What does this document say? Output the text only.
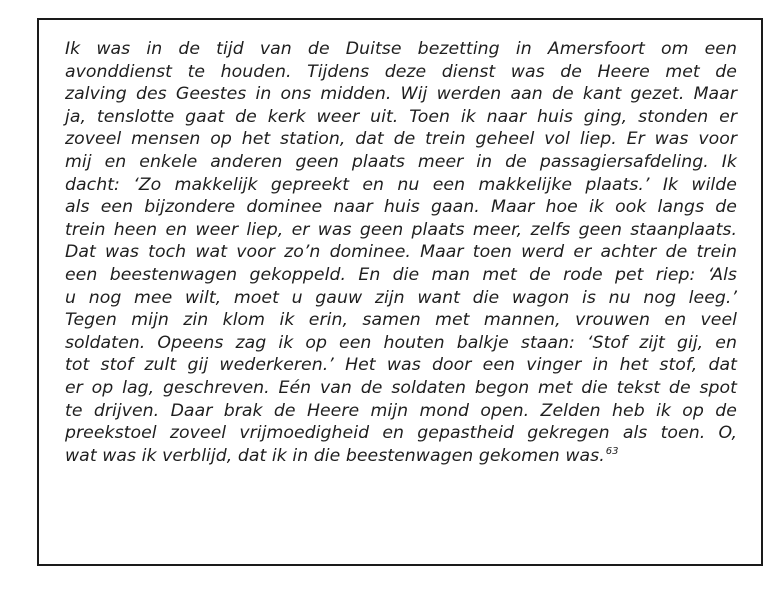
Ik was in de tijd van de Duitse bezetting in Amersfoort om een
avonddienst te houden. Tijdens deze dienst was de Heere met de
zalving des Geestes in ons midden. Wij werden aan de kant gezet. Maar
ja, tenslotte gaat de kerk weer uit. Toen ik naar huis ging, stonden er
zoveel mensen op het station, dat de trein geheel vol liep. Er was voor
mij en enkele anderen geen plaats meer in de passagiersafdeling. Ik
dacht: ‘Zo makkelijk gepreekt en nu een makkelijke plaats.’ Ik wilde
als een bijzondere dominee naar huis gaan. Maar hoe ik ook langs de
trein heen en weer liep, er was geen plaats meer, zelfs geen staanplaats.
Dat was toch wat voor zo’n dominee. Maar toen werd er achter de trein
een beestenwagen gekoppeld. En die man met de rode pet riep: ‘Als
u nog mee wilt, moet u gauw zijn want die wagon is nu nog leeg.’
Tegen mijn zin klom ik erin, samen met mannen, vrouwen en veel
soldaten. Opeens zag ik op een houten balkje staan: ‘Stof zijt gij, en
tot stof zult gij wederkeren.’ Het was door een vinger in het stof, dat
er op lag, geschreven. Eén van de soldaten begon met die tekst de spot
te drijven. Daar brak de Heere mijn mond open. Zelden heb ik op de
preekstoel zoveel vrijmoedigheid en gepastheid gekregen als toen. O,
wat was ik verblijd, dat ik in die beestenwagen gekomen was.$^{63}$
